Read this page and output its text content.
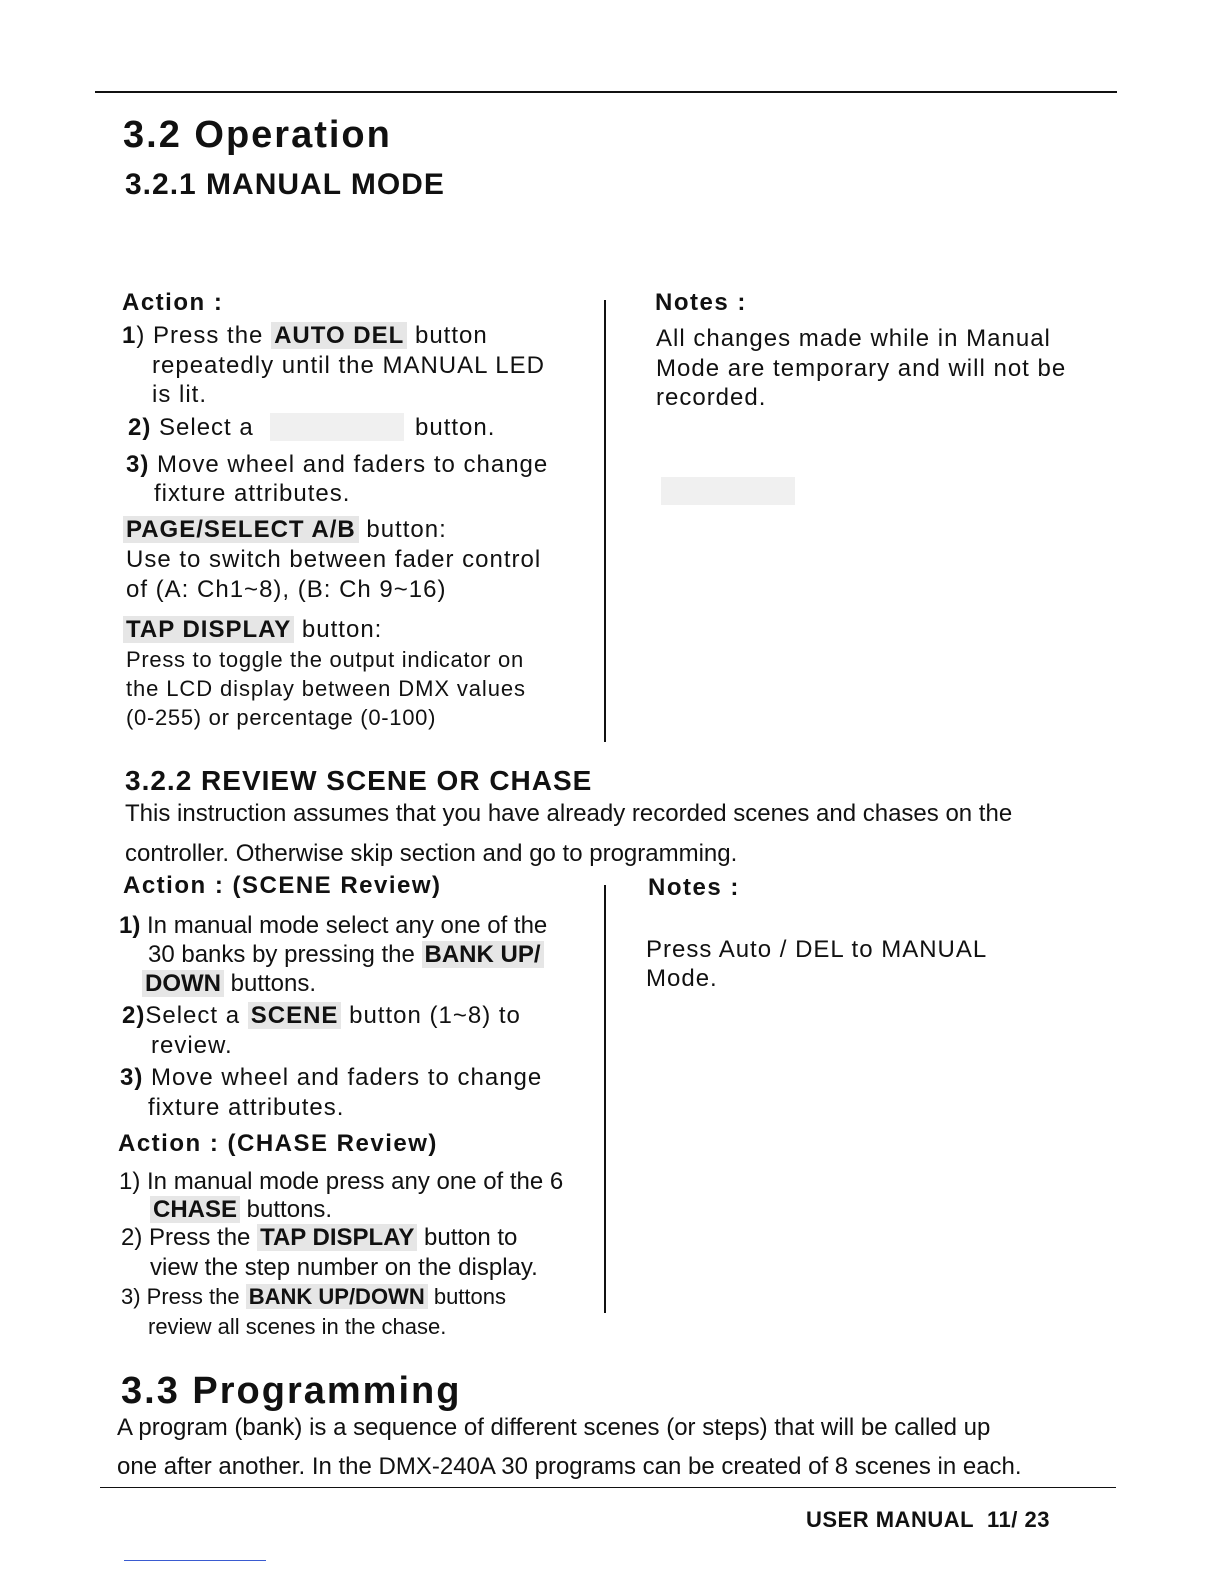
3.2 Operation
3.2.1 MANUAL MODE
Action :
1) Press the AUTO DEL button
repeatedly until the MANUAL LED
is lit.
2) Select a	button.
3) Move wheel and faders to change
fixture attributes.
PAGE/SELECT A/B button:
Use to switch between fader control
of (A: Ch1~8), (B: Ch 9~16)
TAP DISPLAY button:
Press to toggle the output indicator on
the LCD display between DMX values
(0-255) or percentage (0-100)
Notes :
All changes made while in Manual
Mode are temporary and will not be
recorded.
3.2.2 REVIEW SCENE OR CHASE
This instruction assumes that you have already recorded scenes and chases on the
controller. Otherwise skip section and go to programming.
Action : (SCENE Review)
1) In manual mode select any one of the
30 banks by pressing the BANK UP/
DOWN buttons.
2)Select a SCENE button (1~8) to
review.
3) Move wheel and faders to change
fixture attributes.
Action : (CHASE Review)
1) In manual mode press any one of the 6
CHASE buttons.
2) Press the TAP DISPLAY button to
view the step number on the display.
3) Press the BANK UP/DOWN buttons
review all scenes in the chase.
Notes :
Press Auto / DEL to MANUAL
Mode.
3.3 Programming
A program (bank) is a sequence of different scenes (or steps) that will be called up
one after another. In the DMX-240A 30 programs can be created of 8 scenes in each.
USER MANUAL 11/ 23
